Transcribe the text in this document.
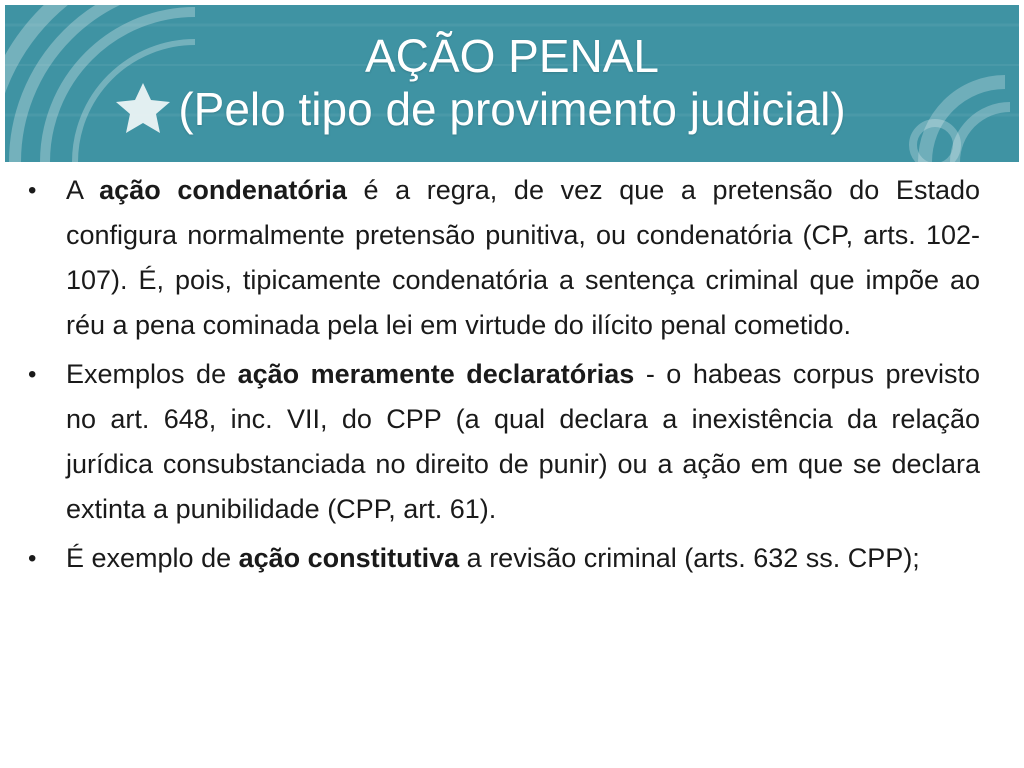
AÇÃO PENAL
(Pelo tipo de provimento judicial)
• A ação condenatória é a regra, de vez que a pretensão do Estado configura normalmente pretensão punitiva, ou condenatória (CP, arts. 102-107). É, pois, tipicamente condenatória a sentença criminal que impõe ao réu a pena cominada pela lei em virtude do ilícito penal cometido.
• Exemplos de ação meramente declaratórias - o habeas corpus previsto no art. 648, inc. VII, do CPP (a qual declara a inexistência da relação jurídica consubstanciada no direito de punir) ou a ação em que se declara extinta a punibilidade (CPP, art. 61).
• É exemplo de ação constitutiva a revisão criminal (arts. 632 ss. CPP);
